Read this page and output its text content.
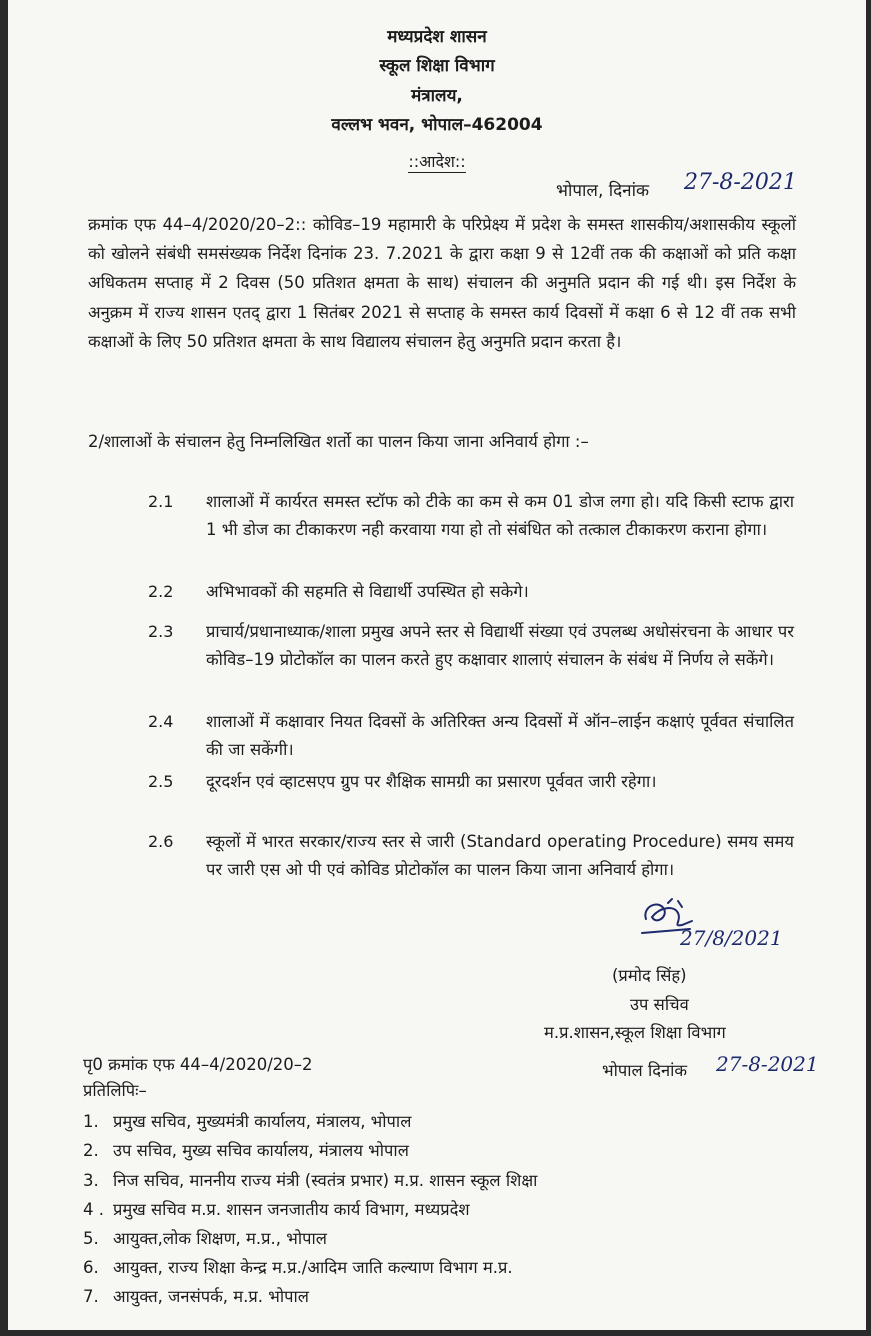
मध्यप्रदेश शासन
स्कूल शिक्षा विभाग
मंत्रालय,
वल्लभ भवन, भोपाल–462004
::आदेश::
भोपाल, दिनांक 27-8-2021
क्रमांक एफ 44–4/2020/20–2:: कोविड–19 महामारी के परिप्रेक्ष्य में प्रदेश के समस्त शासकीय/अशासकीय स्कूलों को खोलने संबंधी समसंख्यक निर्देश दिनांक 23. 7.2021 के द्वारा कक्षा 9 से 12वीं तक की कक्षाओं को प्रति कक्षा अधिकतम सप्ताह में 2 दिवस (50 प्रतिशत क्षमता के साथ) संचालन की अनुमति प्रदान की गई थी। इस निर्देश के अनुक्रम में राज्य शासन एतद् द्वारा 1 सितंबर 2021 से सप्ताह के समस्त कार्य दिवसों में कक्षा 6 से 12 वीं तक सभी कक्षाओं के लिए 50 प्रतिशत क्षमता के साथ विद्यालय संचालन हेतु अनुमति प्रदान करता है।
2/शालाओं के संचालन हेतु निम्नलिखित शर्तो का पालन किया जाना अनिवार्य होगा :–
2.1 शालाओं में कार्यरत समस्त स्टॉफ को टीके का कम से कम 01 डोज लगा हो। यदि किसी स्टाफ द्वारा 1 भी डोज का टीकाकरण नही करवाया गया हो तो संबंधित को तत्काल टीकाकरण कराना होगा।
2.2 अभिभावकों की सहमति से विद्यार्थी उपस्थित हो सकेगे।
2.3 प्राचार्य/प्रधानाध्याक/शाला प्रमुख अपने स्तर से विद्यार्थी संख्या एवं उपलब्ध अधोसंरचना के आधार पर कोविड–19 प्रोटोकॉल का पालन करते हुए कक्षावार शालाएं संचालन के संबंध में निर्णय ले सकेंगे।
2.4 शालाओं में कक्षावार नियत दिवसों के अतिरिक्त अन्य दिवसों में ऑन–लाईन कक्षाएं पूर्ववत संचालित की जा सकेंगी।
2.5 दूरदर्शन एवं व्हाटसएप ग्रुप पर शैक्षिक सामग्री का प्रसारण पूर्ववत जारी रहेगा।
2.6 स्कूलों में भारत सरकार/राज्य स्तर से जारी (Standard operating Procedure) समय समय पर जारी एस ओ पी एवं कोविड प्रोटोकॉल का पालन किया जाना अनिवार्य होगा।
27/8/2021
(प्रमोद सिंह)
उप सचिव
म.प्र.शासन,स्कूल शिक्षा विभाग
पृ0 क्रमांक एफ 44–4/2020/20–2	भोपाल दिनांक 27-8-2021
प्रतिलिपिः–
1. प्रमुख सचिव, मुख्यमंत्री कार्यालय, मंत्रालय, भोपाल
2. उप सचिव, मुख्य सचिव कार्यालय, मंत्रालय भोपाल
3. निज सचिव, माननीय राज्य मंत्री (स्वतंत्र प्रभार) म.प्र. शासन स्कूल शिक्षा
4 . प्रमुख सचिव म.प्र. शासन जनजातीय कार्य विभाग, मध्यप्रदेश
5. आयुक्त,लोक शिक्षण, म.प्र., भोपाल
6. आयुक्त, राज्य शिक्षा केन्द्र म.प्र./आदिम जाति कल्याण विभाग म.प्र.
7. आयुक्त, जनसंपर्क, म.प्र. भोपाल
